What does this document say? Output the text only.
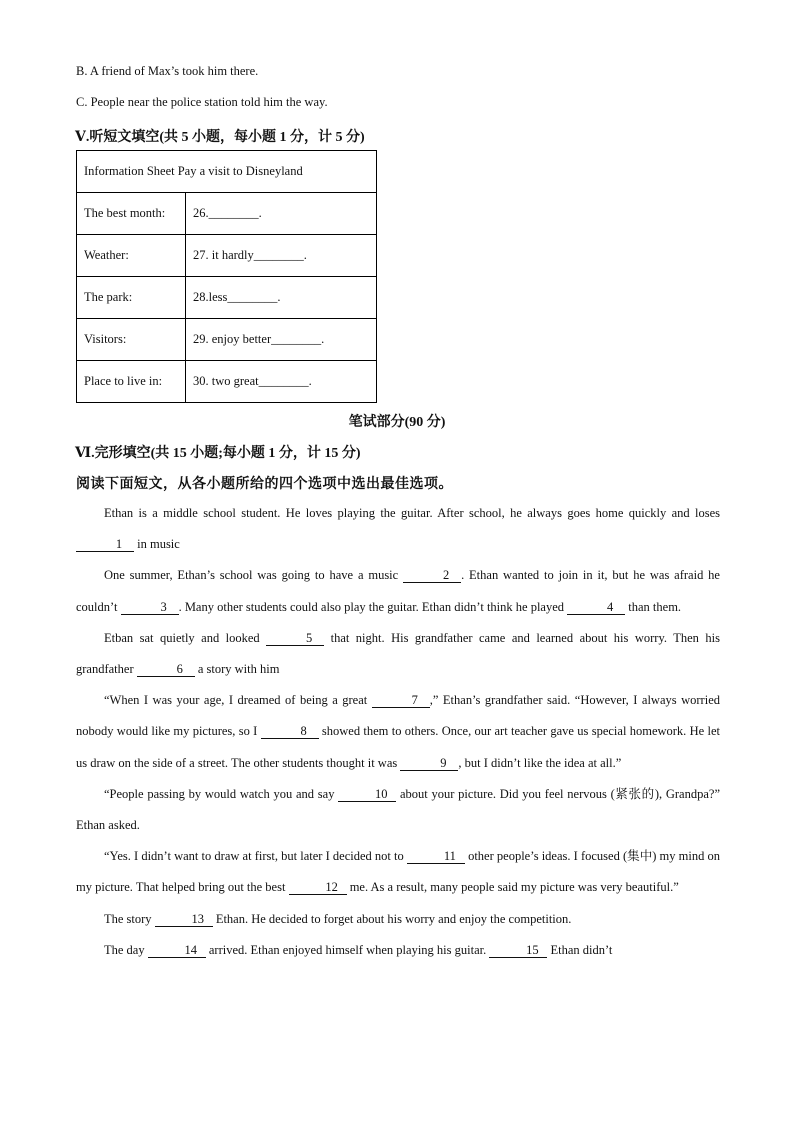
B. A friend of Max’s took him there.
C. People near the police station told him the way.
Ⅴ.听短文填空(共 5 小题，每小题 1 分，计 5 分)
Information Sheet Pay a visit to Disneyland	
The best month:	26.________.
Weather:	27. it hardly________.
The park:	28.less________.
Visitors:	29. enjoy better________.
Place to live in:	30. two great________.
笔试部分(90 分)
Ⅵ.完形填空(共 15 小题;每小题 1 分，计 15 分)
阅读下面短文，从各小题所给的四个选项中选出最佳选项。

Ethan is a middle school student. He loves playing the guitar. After school, he always goes home quickly and loses 1 in music

One summer, Ethan’s school was going to have a music	2 . Ethan wanted to join in it, but he was afraid he couldn’t	3 . Many other students could also play the guitar. Ethan didn’t think he played	4 than them.

Etban sat quietly and looked	5 that night. His grandfather came and learned about his worry. Then his grandfather	6 a story with him

“When I was your age, I dreamed of being a great	7 ,” Ethan’s grandfather said. “However, I always worried nobody would like my pictures, so I	8 showed them to others. Once, our art teacher gave us special homework. He let us draw on the side of a street. The other students thought it was	9 , but I didn’t like the idea at all.”

“People passing by would watch you and say	10 about your picture. Did you feel nervous (紧张的), Grandpa?” Ethan asked.

“Yes. I didn’t want to draw at first, but later I decided not to	11 other people’s ideas. I focused (集中) my mind on my picture. That helped bring out the best	12 me. As a result, many people said my picture was very beautiful.”

The story	13 Ethan. He decided to forget about his worry and enjoy the competition.

The day	14 arrived. Ethan enjoyed himself when playing his guitar.	15 Ethan didn’t
